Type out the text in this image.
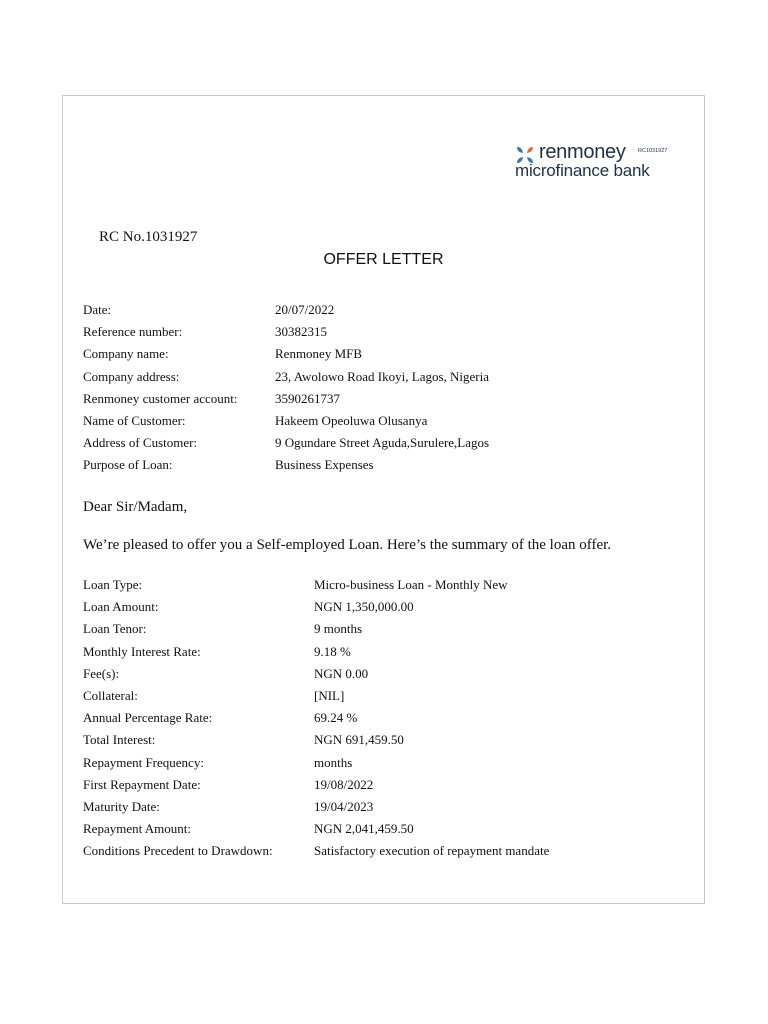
renmoney RC1031927
microfinance bank
RC No.1031927
OFFER LETTER
Date:	20/07/2022
Reference number:	30382315
Company name:	Renmoney MFB
Company address:	23, Awolowo Road Ikoyi, Lagos, Nigeria
Renmoney customer account:	3590261737
Name of Customer:	Hakeem Opeoluwa Olusanya
Address of Customer:	9 Ogundare Street Aguda,Surulere,Lagos
Purpose of Loan:	Business Expenses
Dear Sir/Madam,
We’re pleased to offer you a Self-employed Loan. Here’s the summary of the loan offer.
Loan Type:	Micro-business Loan - Monthly New
Loan Amount:	NGN 1,350,000.00
Loan Tenor:	9 months
Monthly Interest Rate:	9.18 %
Fee(s):	NGN 0.00
Collateral:	[NIL]
Annual Percentage Rate:	69.24 %
Total Interest:	NGN 691,459.50
Repayment Frequency:	months
First Repayment Date:	19/08/2022
Maturity Date:	19/04/2023
Repayment Amount:	NGN 2,041,459.50
Conditions Precedent to Drawdown:	Satisfactory execution of repayment mandate
